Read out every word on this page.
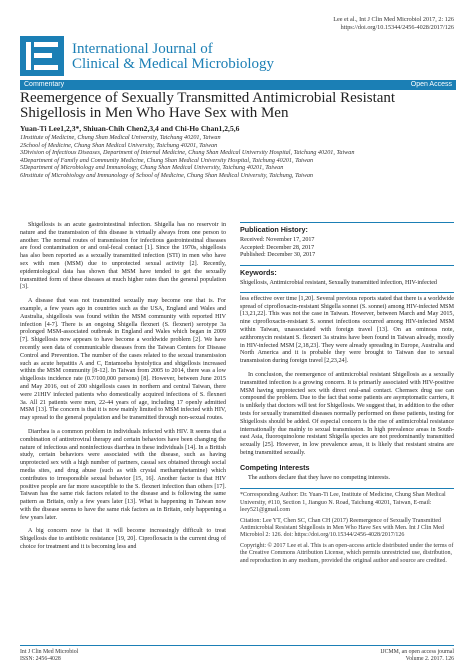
Lee et al., Int J Clin Med Microbiol 2017, 2: 126
https://doi.org/10.15344/2456-4028/2017/126
International Journal of
Clinical & Medical Microbiology
Commentary	Open Access
Reemergence of Sexually Transmitted Antimicrobial Resistant Shigellosis in Men Who Have Sex with Men
Yuan-Ti Lee1,2,3*, Shiuan-Chih Chen2,3,4 and Chi-Ho Chan1,2,5,6
1Institute of Medicine, Chung Shan Medical University, Taichung 40201, Taiwan
2School of Medicine, Chung Shan Medical University, Taichung 40201, Taiwan
3Division of Infectious Diseases, Department of Internal Medicine, Chung Shan Medical University Hospital, Taichung 40201, Taiwan
4Department of Family and Community Medicine, Chung Shan Medical University Hospital, Taichung 40201, Taiwan
5Department of Microbiology and Immunology, Chung Shan Medical University, Taichung 40201, Taiwan
6Institute of Microbiology and Immunology of School of Medicine, Chung Shan Medical University, Taichung, Taiwan

Shigellosis is an acute gastrointestinal infection. Shigella has no reservoir in nature and the transmission of this disease is virtually always from one person to another. The normal routes of transmission for infectious gastrointestinal diseases are food contamination or and oral-fecal contact [1]. Since the 1970s, shigellosis has also been reported as a sexually transmitted infection (STI) in men who have sex with men (MSM) due to unprotected sexual activity [2]. Recently, epidemiological data has shown that MSM have tended to get the sexually transmitted form of these diseases at much higher rates than the general population [3].

A disease that was not transmitted sexually may become one that is. For example, a few years ago in countries such as the USA, England and Wales and Australia, shigellosis was found within the MSM community with reported HIV infection [4-7]. There is an ongoing Shigella flexneri (S. flexneri) serotype 3a prolonged MSM-associated outbreak in England and Wales which began in 2009 [7]. Shigellosis now appears to have become a worldwide problem [2]. We have recently seen data of communicable diseases from the Taiwan Centers for Disease Control and Prevention. The number of the cases related to the sexual transmission such as acute hepatitis A and C, Entamoeba hystolytica and shigellosis increased within the MSM community [8-12]. In Taiwan from 2005 to 2014, there was a low shigellosis incidence rate (0.7/100,000 persons) [8]. However, between June 2015 and May 2016, out of 200 shigellosis cases in northern and central Taiwan, there were 21HIV infected patients who domestically acquired infections of S. flexneri 3a. All 21 patients were men, 22-44 years of age, including 17 openly admitted MSM [13]. The concern is that it is now mainly limited to MSM infected with HIV, may spread to the general population and be transmitted through non-sexual routes.

Diarrhea is a common problem in individuals infected with HIV. It seems that a combination of antiretroviral therapy and certain behaviors have been changing the nature of infectious and noninfectious diarrhea in these individuals [14]. In a British study, certain behaviors were associated with the disease, such as having unprotected sex with a high number of partners, casual sex obtained through social media sites, and drug abuse (such as with crystal methamphetamine) which contributes to irresponsible sexual behavior [15, 16]. Another factor is that HIV positive people are far more susceptible to the S. flexneri infection than others [17]. Taiwan has the same risk factors related to the disease and is following the same pattern as Britain, only a few years later [13]. What is happening in Taiwan now with the disease seems to have the same risk factors as in Britain, only happening a few years later.

A big concern now is that it will become increasingly difficult to treat Shigellosis due to antibiotic resistance [19, 20]. Ciprofloxacin is the current drug of choice for treatment and it is becoming less and

Publication History:
Received: November 17, 2017
Accepted: December 28, 2017
Published: December 30, 2017
Keywords:
Shigellosis, Antimicrobial resistant, Sexually transmitted infection, HIV-infected

less effective over time [1,20]. Several previous reports stated that there is a worldwide spread of ciprofloxacin-resistant Shigella sonnei (S. sonnei) among HIV-infected MSM [13,21,22]. This was not the case in Taiwan. However, between March and May 2015, nine ciprofloxacin-resistant S. sonnei infections occurred among HIV-infected MSM within Taiwan, unassociated with foreign travel [13]. On an ominous note, azithromycin resistant S. flexneri 3a strains have been found in Taiwan already, mostly in HIV-infected MSM [2,18,23]. They were already spreading in Europe, Australia and North America and it is probable they were brought to Taiwan due to sexual transmission during foreign travel [2,23,24].

In conclusion, the reemergence of antimicrobial resistant Shigellosis as a sexually transmitted infection is a growing concern. It is primarily associated with HIV-positive MSM having unprotected sex with direct oral-anal contact. Chemsex drug use can compound the problem. Due to the fact that some patients are asymptomatic carriers, it is unlikely that doctors will test for Shigellosis. We suggest that, in addition to the other tests for sexually transmitted diseases normally performed on these patients, testing for Shigellosis should be added. Of especial concern is the rise of antimicrobial resistance internationally due mainly to sexual transmission. In high prevalence areas in South-east Asia, fluoroquinolone resistant Shigella species are not predominantly transmitted sexually [25]. However, in low prevalence areas, it is likely that resistant strains are being transmitted sexually.

Competing Interests

The authors declare that they have no competing interests.

*Corresponding Author: Dr. Yuan-Ti Lee, Institute of Medicine, Chung Shan Medical University, #110, Section 1, Jianguo N. Road, Taichung 40201, Taiwan, E-mail: leey521@gmail.com
Citation: Lee YT, Chen SC, Chan CH (2017) Reemergence of Sexually Transmitted Antimicrobial Resistant Shigellosis in Men Who Have Sex with Men. Int J Clin Med Microbiol 2: 126. doi: https://doi.org/10.15344/2456-4028/2017/126
Copyright: © 2017 Lee et al. This is an open-access article distributed under the terms of the Creative Commons Attribution License, which permits unrestricted use, distribution, and reproduction in any medium, provided the original author and source are credited.
Int J Clin Med Microbiol
ISSN: 2456-4028
IJCMM, an open access journal
Volume 2. 2017. 126
